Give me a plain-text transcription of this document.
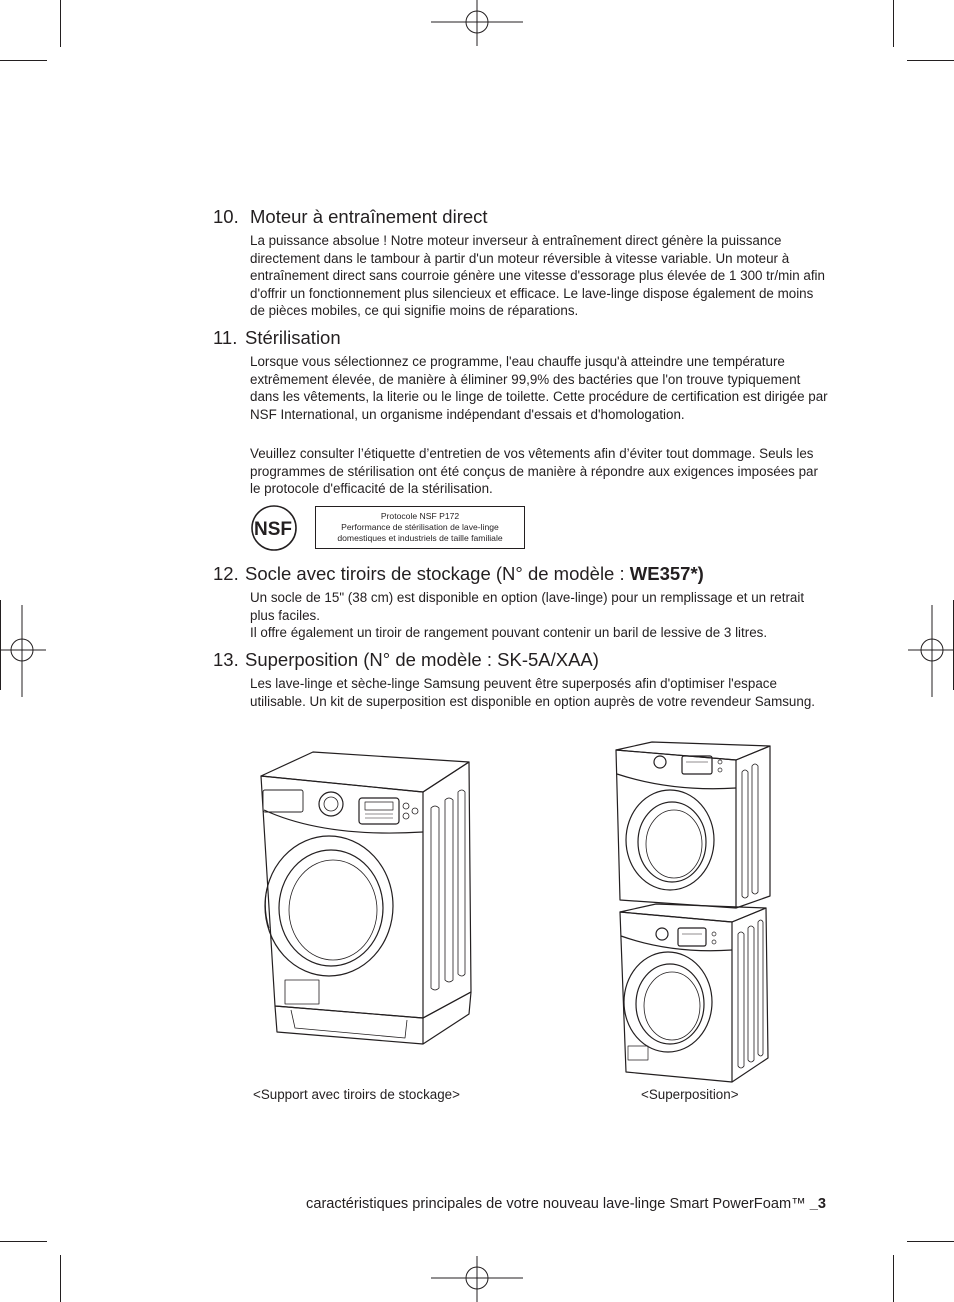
10. Moteur à entraînement direct

La puissance absolue ! Notre moteur inverseur à entraînement direct génère la puissance directement dans le tambour à partir d'un moteur réversible à vitesse variable. Un moteur à entraînement direct sans courroie génère une vitesse d'essorage plus élevée de 1 300 tr/min afin d'offrir un fonctionnement plus silencieux et efficace. Le lave-linge dispose également de moins de pièces mobiles, ce qui signifie moins de réparations.

11. Stérilisation

Lorsque vous sélectionnez ce programme, l'eau chauffe jusqu'à atteindre une température extrêmement élevée, de manière à éliminer 99,9% des bactéries que l'on trouve typiquement dans les vêtements, la literie ou le linge de toilette. Cette procédure de certification est dirigée par NSF International, un organisme indépendant d'essais et d'homologation.

Veuillez consulter l’étiquette d’entretien de vos vêtements afin d’éviter tout dommage. Seuls les programmes de stérilisation ont été conçus de manière à répondre aux exigences imposées par le protocole d'efficacité de la stérilisation.

NSF
Protocole NSF P172
Performance de stérilisation de lave-linge
domestiques et industriels de taille familiale
12. Socle avec tiroirs de stockage (N° de modèle : WE357*)

Un socle de 15" (38 cm) est disponible en option (lave-linge) pour un remplissage et un retrait plus faciles.

Il offre également un tiroir de rangement pouvant contenir un baril de lessive de 3 litres.

13. Superposition (N° de modèle : SK-5A/XAA)

Les lave-linge et sèche-linge Samsung peuvent être superposés afin d'optimiser l'espace utilisable. Un kit de superposition est disponible en option auprès de votre revendeur Samsung.

<Support avec tiroirs de stockage>	<Superposition>
caractéristiques principales de votre nouveau lave-linge Smart PowerFoam™ _3
